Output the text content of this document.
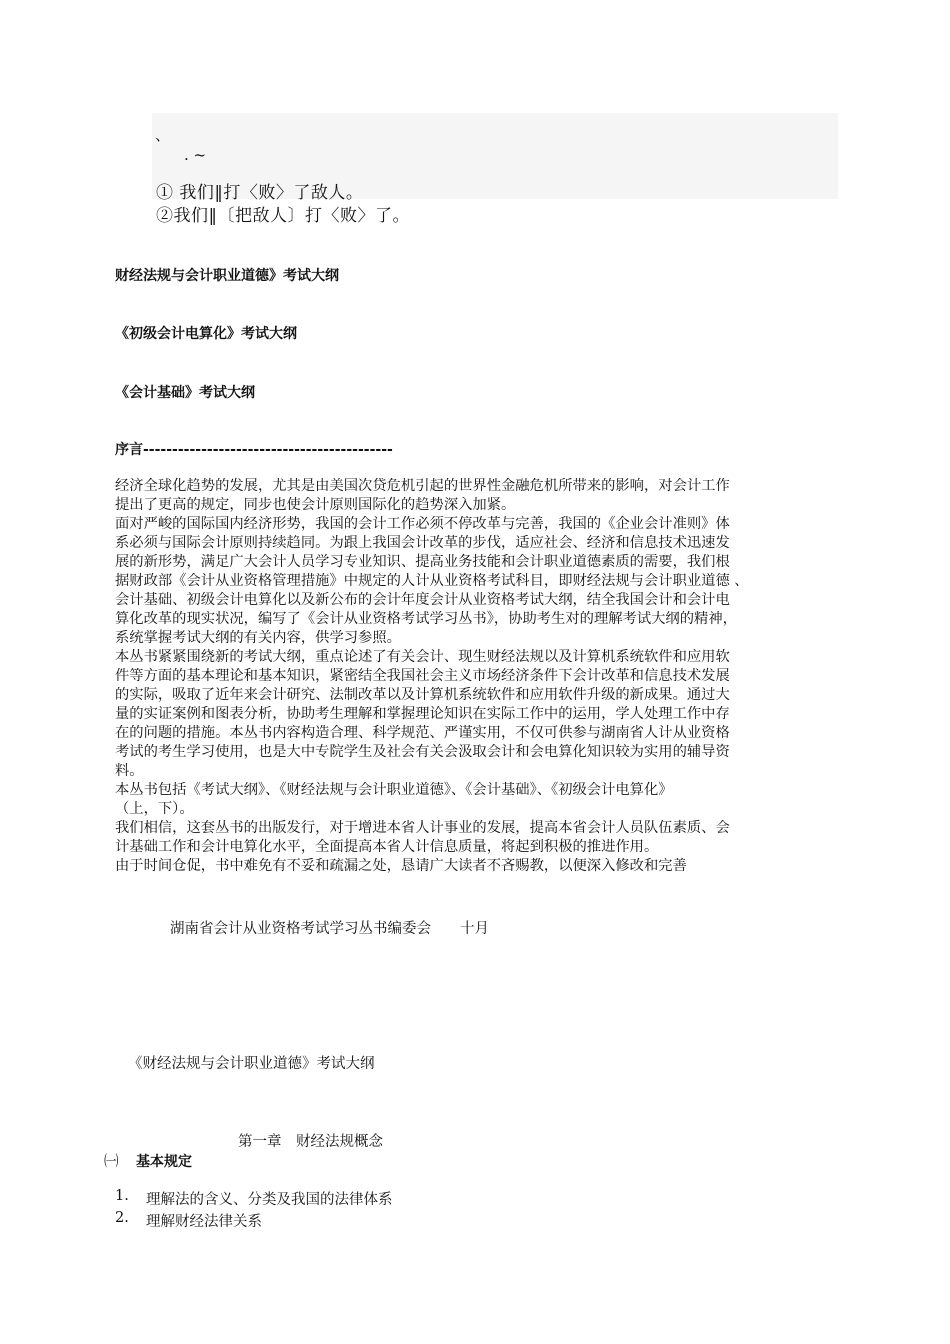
、
. ~
① 我们‖打〈败〉了敌人。
②我们‖〔把敌人〕打〈败〉了。
财经法规与会计职业道德》考试大纲
《初级会计电算化》考试大纲
《会计基础》考试大纲
序言-------------------------------------------
经济全球化趋势的发展，尤其是由美国次贷危机引起的世界性金融危机所带来的影响，对会计工作
提出了更高的规定，同步也使会计原则国际化的趋势深入加紧。
面对严峻的国际国内经济形势，我国的会计工作必须不停改革与完善，我国的《企业会计准则》体
系必须与国际会计原则持续趋同。为跟上我国会计改革的步伐，适应社会、经济和信息技术迅速发
展的新形势，满足广大会计人员学习专业知识、提高业务技能和会计职业道德素质的需要，我们根
据财政部《会计从业资格管理措施》中规定的人计从业资格考试科目，即财经法规与会计职业道德 、
会计基础、初级会计电算化以及新公布的会计年度会计从业资格考试大纲，结全我国会计和会计电
算化改革的现实状况，编写了《会计从业资格考试学习丛书》，协助考生对的理解考试大纲的精神，
系统掌握考试大纲的有关内容，供学习参照。
本丛书紧紧围绕新的考试大纲，重点论述了有关会计、现生财经法规以及计算机系统软件和应用软
件等方面的基本理论和基本知识，紧密结全我国社会主义市场经济条件下会计改革和信息技术发展
的实际，吸取了近年来会计研究、法制改革以及计算机系统软件和应用软件升级的新成果。通过大
量的实证案例和图表分析，协助考生理解和掌握理论知识在实际工作中的运用，学人处理工作中存
在的问题的措施。本丛书内容构造合理、科学规范、严谨实用，不仅可供参与湖南省人计从业资格
考试的考生学习使用，也是大中专院学生及社会有关会汲取会计和会电算化知识较为实用的辅导资
料。
本丛书包括《考试大纲》、《财经法规与会计职业道德》、《会计基础》、《初级会计电算化》
（上，下）。
我们相信，这套丛书的出版发行，对于增进本省人计事业的发展，提高本省会计人员队伍素质、会
计基础工作和会计电算化水平，全面提高本省人计信息质量，将起到积极的推进作用。
由于时间仓促，书中难免有不妥和疏漏之处，恳请广大读者不吝赐教，以便深入修改和完善
湖南省会计从业资格考试学习丛书编委会　　十月
《财经法规与会计职业道德》考试大纲
第一章　财经法规概念
㈠ 基本规定
1. 理解法的含义、分类及我国的法律体系
2. 理解财经法律关系
